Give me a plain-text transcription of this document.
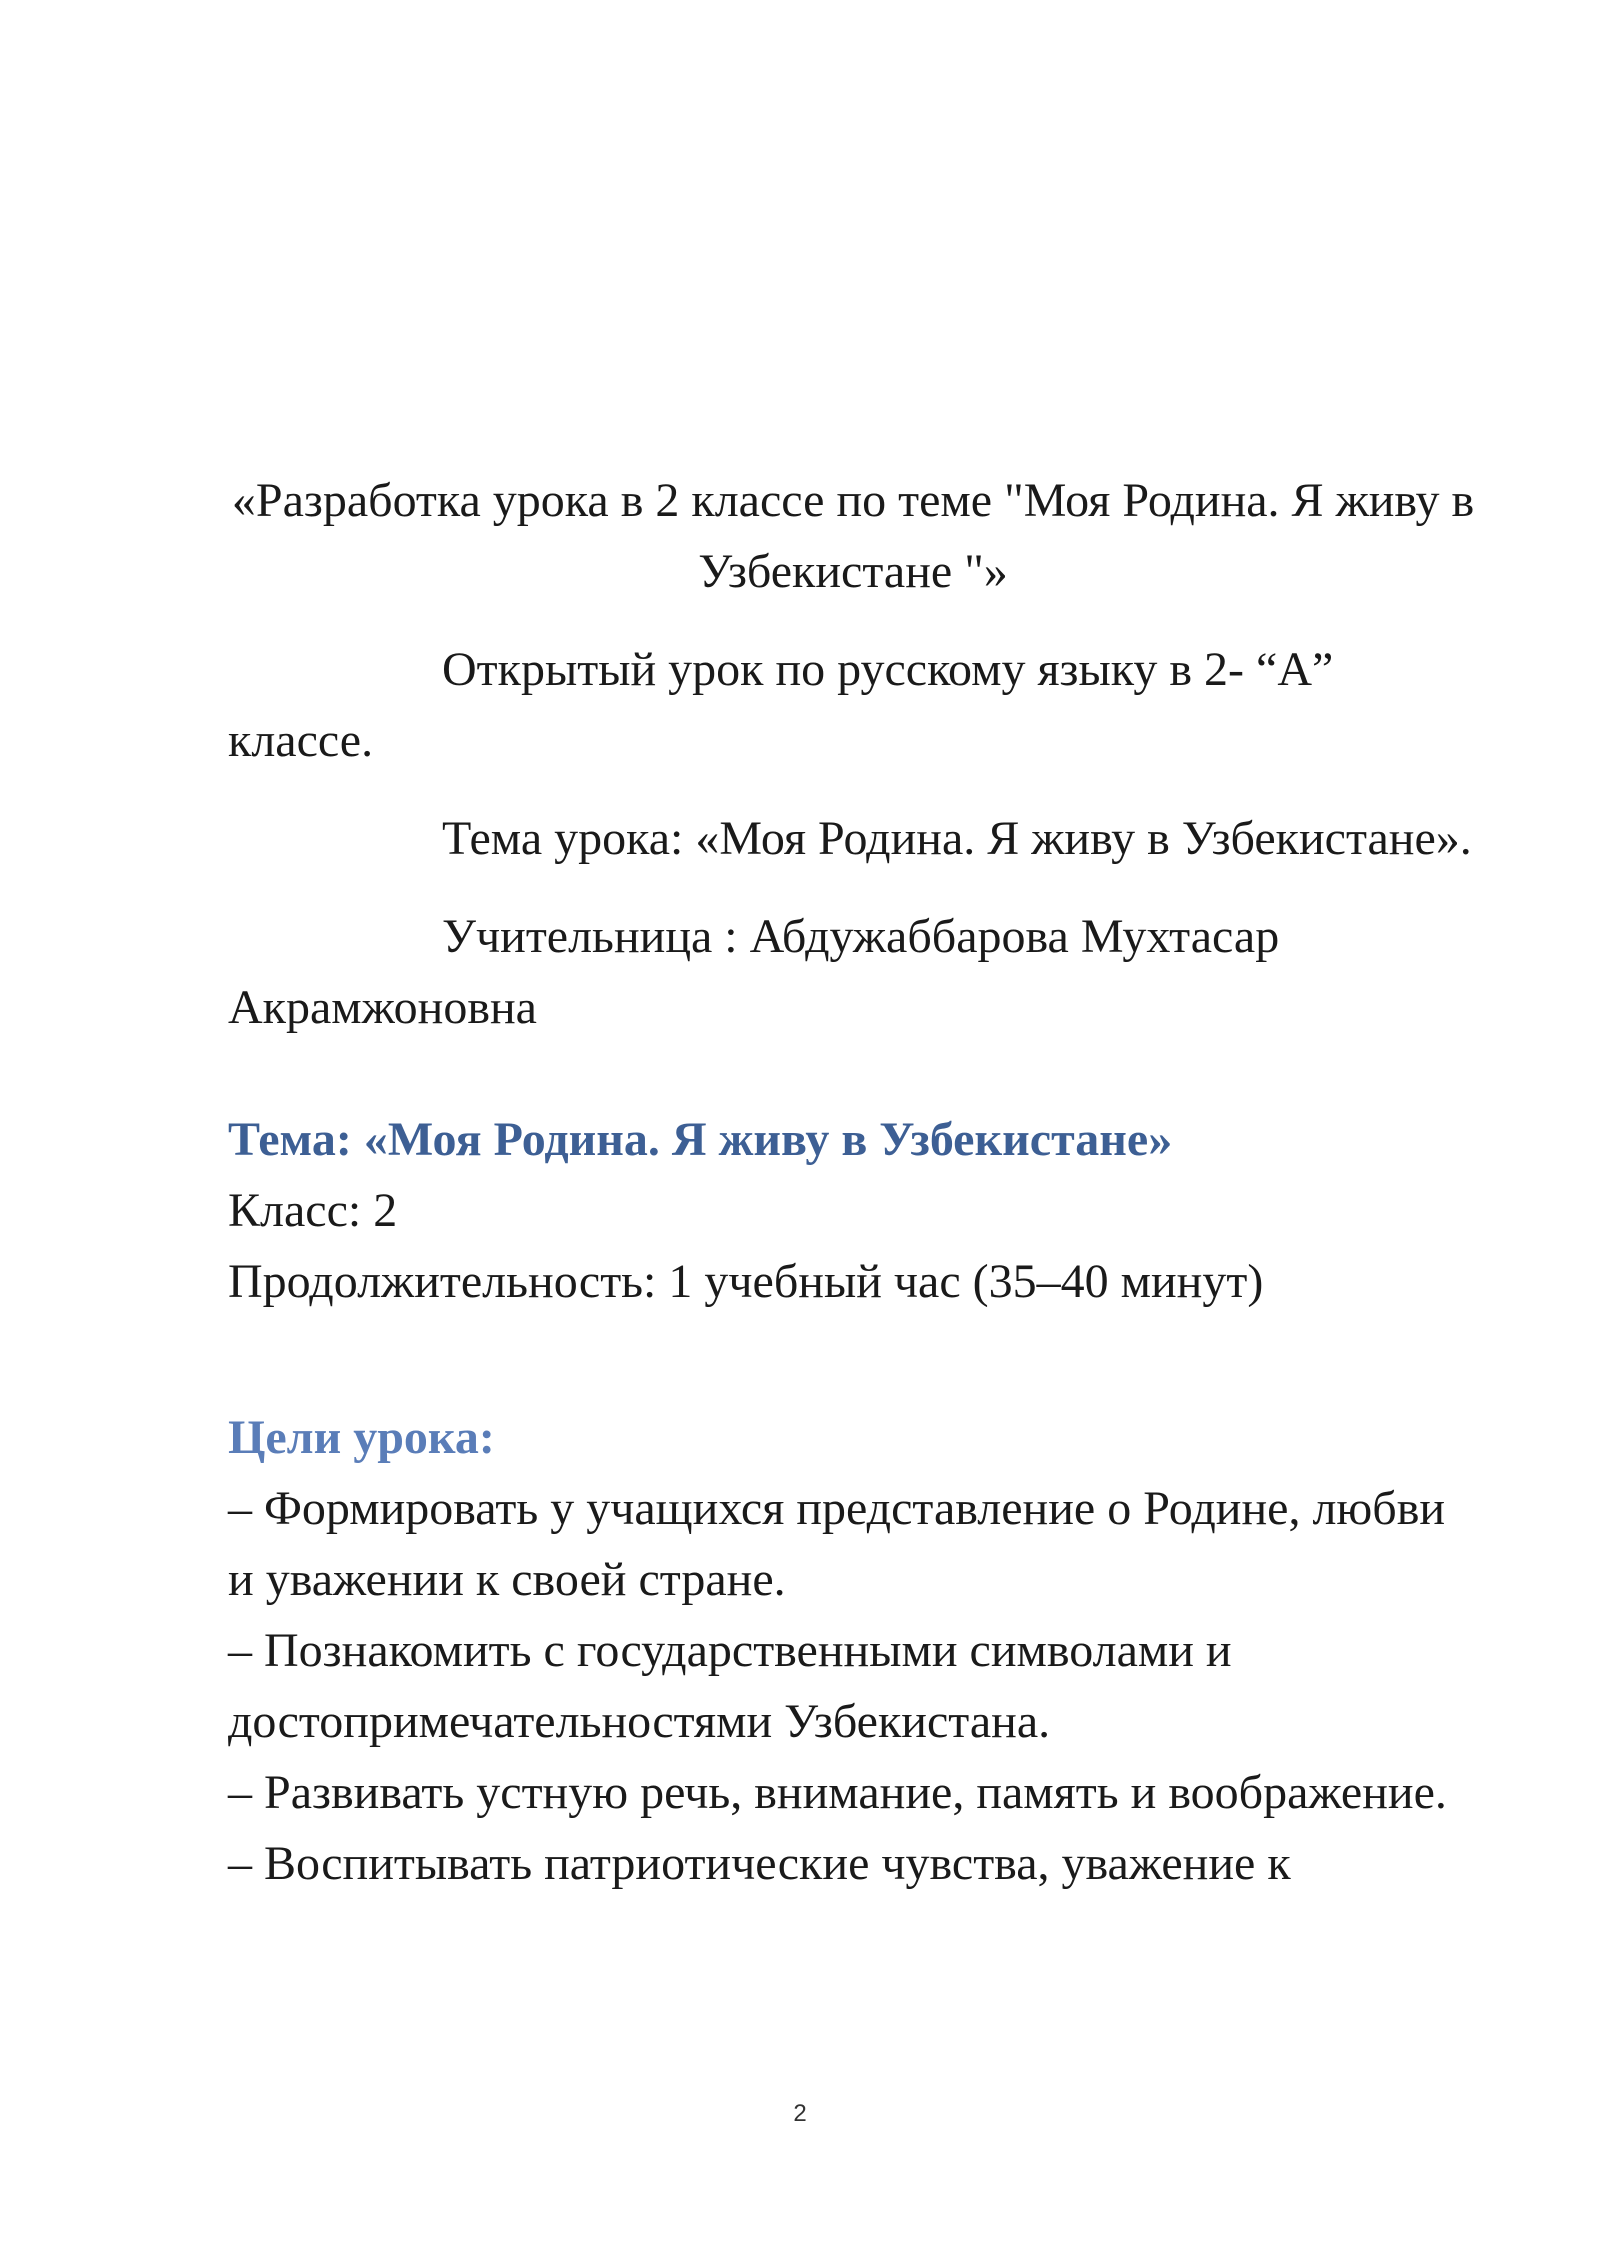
«Разработка урока в 2 классе по теме "Моя Родина. Я живу в Узбекистане "»

Открытый урок по русскому языку в 2- “А” классе.

Тема урока: «Моя Родина. Я живу в Узбекистане».

Учительница : Абдужаббарова Мухтасар Акрамжоновна

Тема: «Моя Родина. Я живу в Узбекистане»

Класс: 2

Продолжительность: 1 учебный час (35–40 минут)

Цели урока:

– Формировать у учащихся представление о Родине, любви и уважении к своей стране.

– Познакомить с государственными символами и достопримечательностями Узбекистана.

– Развивать устную речь, внимание, память и воображение.

– Воспитывать патриотические чувства, уважение к

2
